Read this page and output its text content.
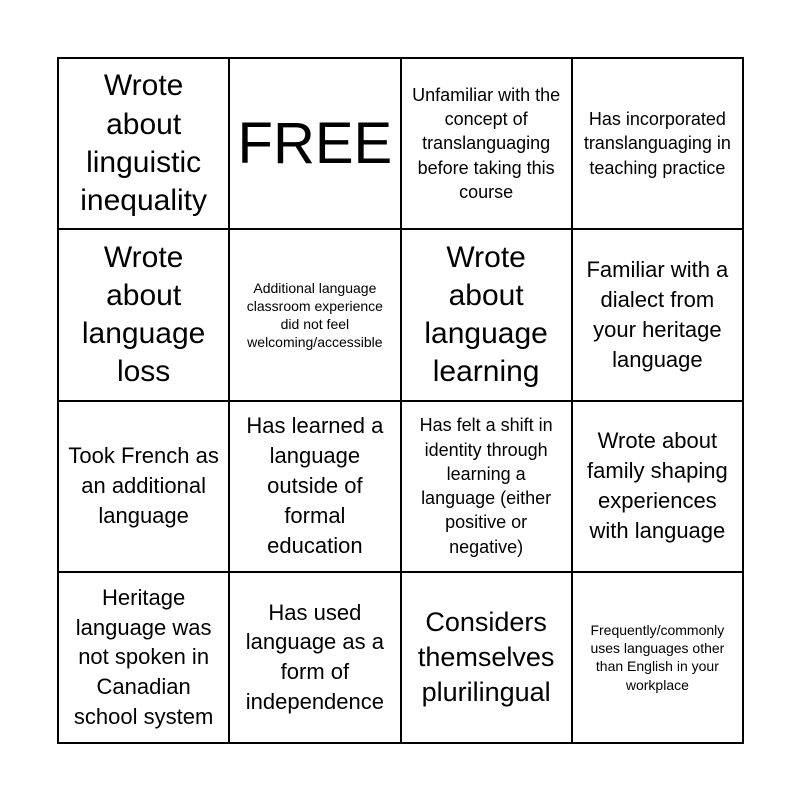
Wrote about linguistic inequality
FREE
Unfamiliar with the concept of translanguaging before taking this course
Has incorporated translanguaging in teaching practice
Wrote about language loss
Additional language classroom experience did not feel welcoming/accessible
Wrote about language learning
Familiar with a dialect from your heritage language
Took French as an additional language
Has learned a language outside of formal education
Has felt a shift in identity through learning a language (either positive or negative)
Wrote about family shaping experiences with language
Heritage language was not spoken in Canadian school system
Has used language as a form of independence
Considers themselves plurilingual
Frequently/commonly uses languages other than English in your workplace
